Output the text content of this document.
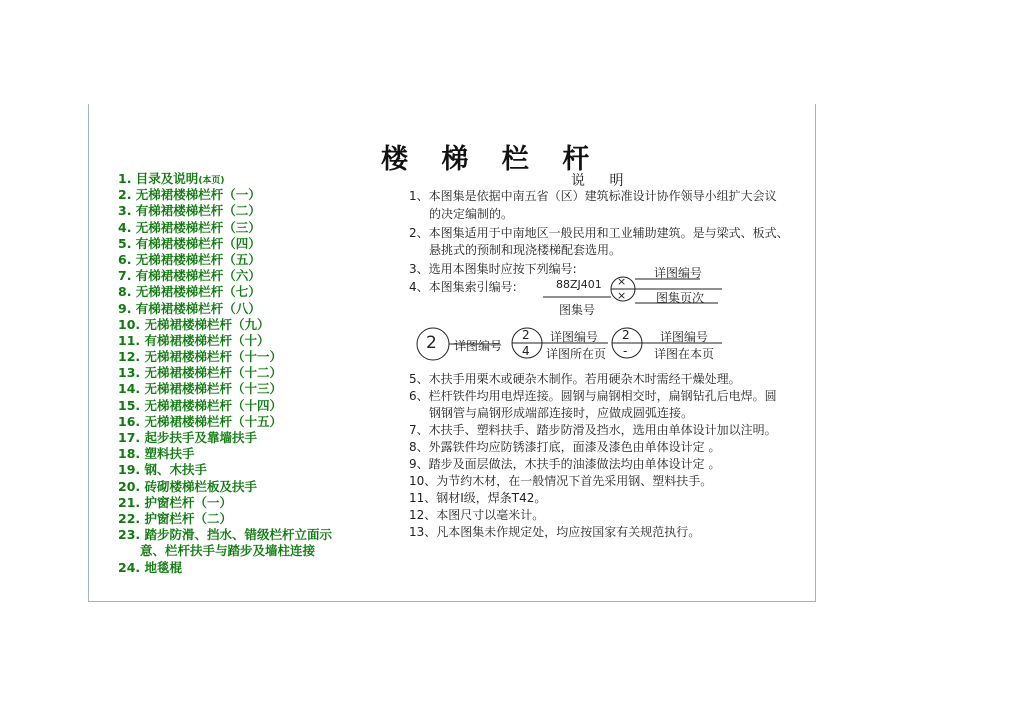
楼 梯 栏 杆
1. 目录及说明(本页)
2. 无梯裙楼梯栏杆（一）
3. 有梯裙楼梯栏杆（二）
4. 无梯裙楼梯栏杆（三）
5. 有梯裙楼梯栏杆（四）
6. 无梯裙楼梯栏杆（五）
7. 有梯裙楼梯栏杆（六）
8. 无梯裙楼梯栏杆（七）
9. 有梯裙楼梯栏杆（八）
10. 无梯裙楼梯栏杆（九）
11. 有梯裙楼梯栏杆（十）
12. 无梯裙楼梯栏杆（十一）
13. 无梯裙楼梯栏杆（十二）
14. 无梯裙楼梯栏杆（十三）
15. 无梯裙楼梯栏杆（十四）
16. 无梯裙楼梯栏杆（十五）
17. 起步扶手及靠墙扶手
18. 塑料扶手
19. 钢、木扶手
20. 砖砌楼梯栏板及扶手
21. 护窗栏杆（一）
22. 护窗栏杆（二）
23. 踏步防滑、挡水、错级栏杆立面示
意、栏杆扶手与踏步及墙柱连接
24. 地毯棍
说 明
1、本图集是依据中南五省（区）建筑标准设计协作领导小组扩大会议
的决定编制的。
2、本图集适用于中南地区一般民用和工业辅助建筑。是与梁式、板式、
悬挑式的预制和现浇楼梯配套选用。
3、选用本图集时应按下列编号:
4、本图集索引编号:
详图编号
图集页次
88ZJ401
图集号
×
×
2 详图编号
2
4
详图编号
详图所在页
2
-
详图编号
详图在本页
5、木扶手用栗木或硬杂木制作。若用硬杂木时需经干燥处理。
6、栏杆铁件均用电焊连接。圆钢与扁钢相交时，扁钢钻孔后电焊。圆
钢钢管与扁钢形成端部连接时，应做成圆弧连接。
7、木扶手、塑料扶手、踏步防滑及挡水，选用由单体设计加以注明。
8、外露铁件均应防锈漆打底，面漆及漆色由单体设计定 。
9、踏步及面层做法，木扶手的油漆做法均由单体设计定 。
10、为节约木材，在一般情况下首先采用钢、塑料扶手。
11、钢材Ⅰ级，焊条T42。
12、本图尺寸以毫米计。
13、凡本图集未作规定处，均应按国家有关规范执行。
